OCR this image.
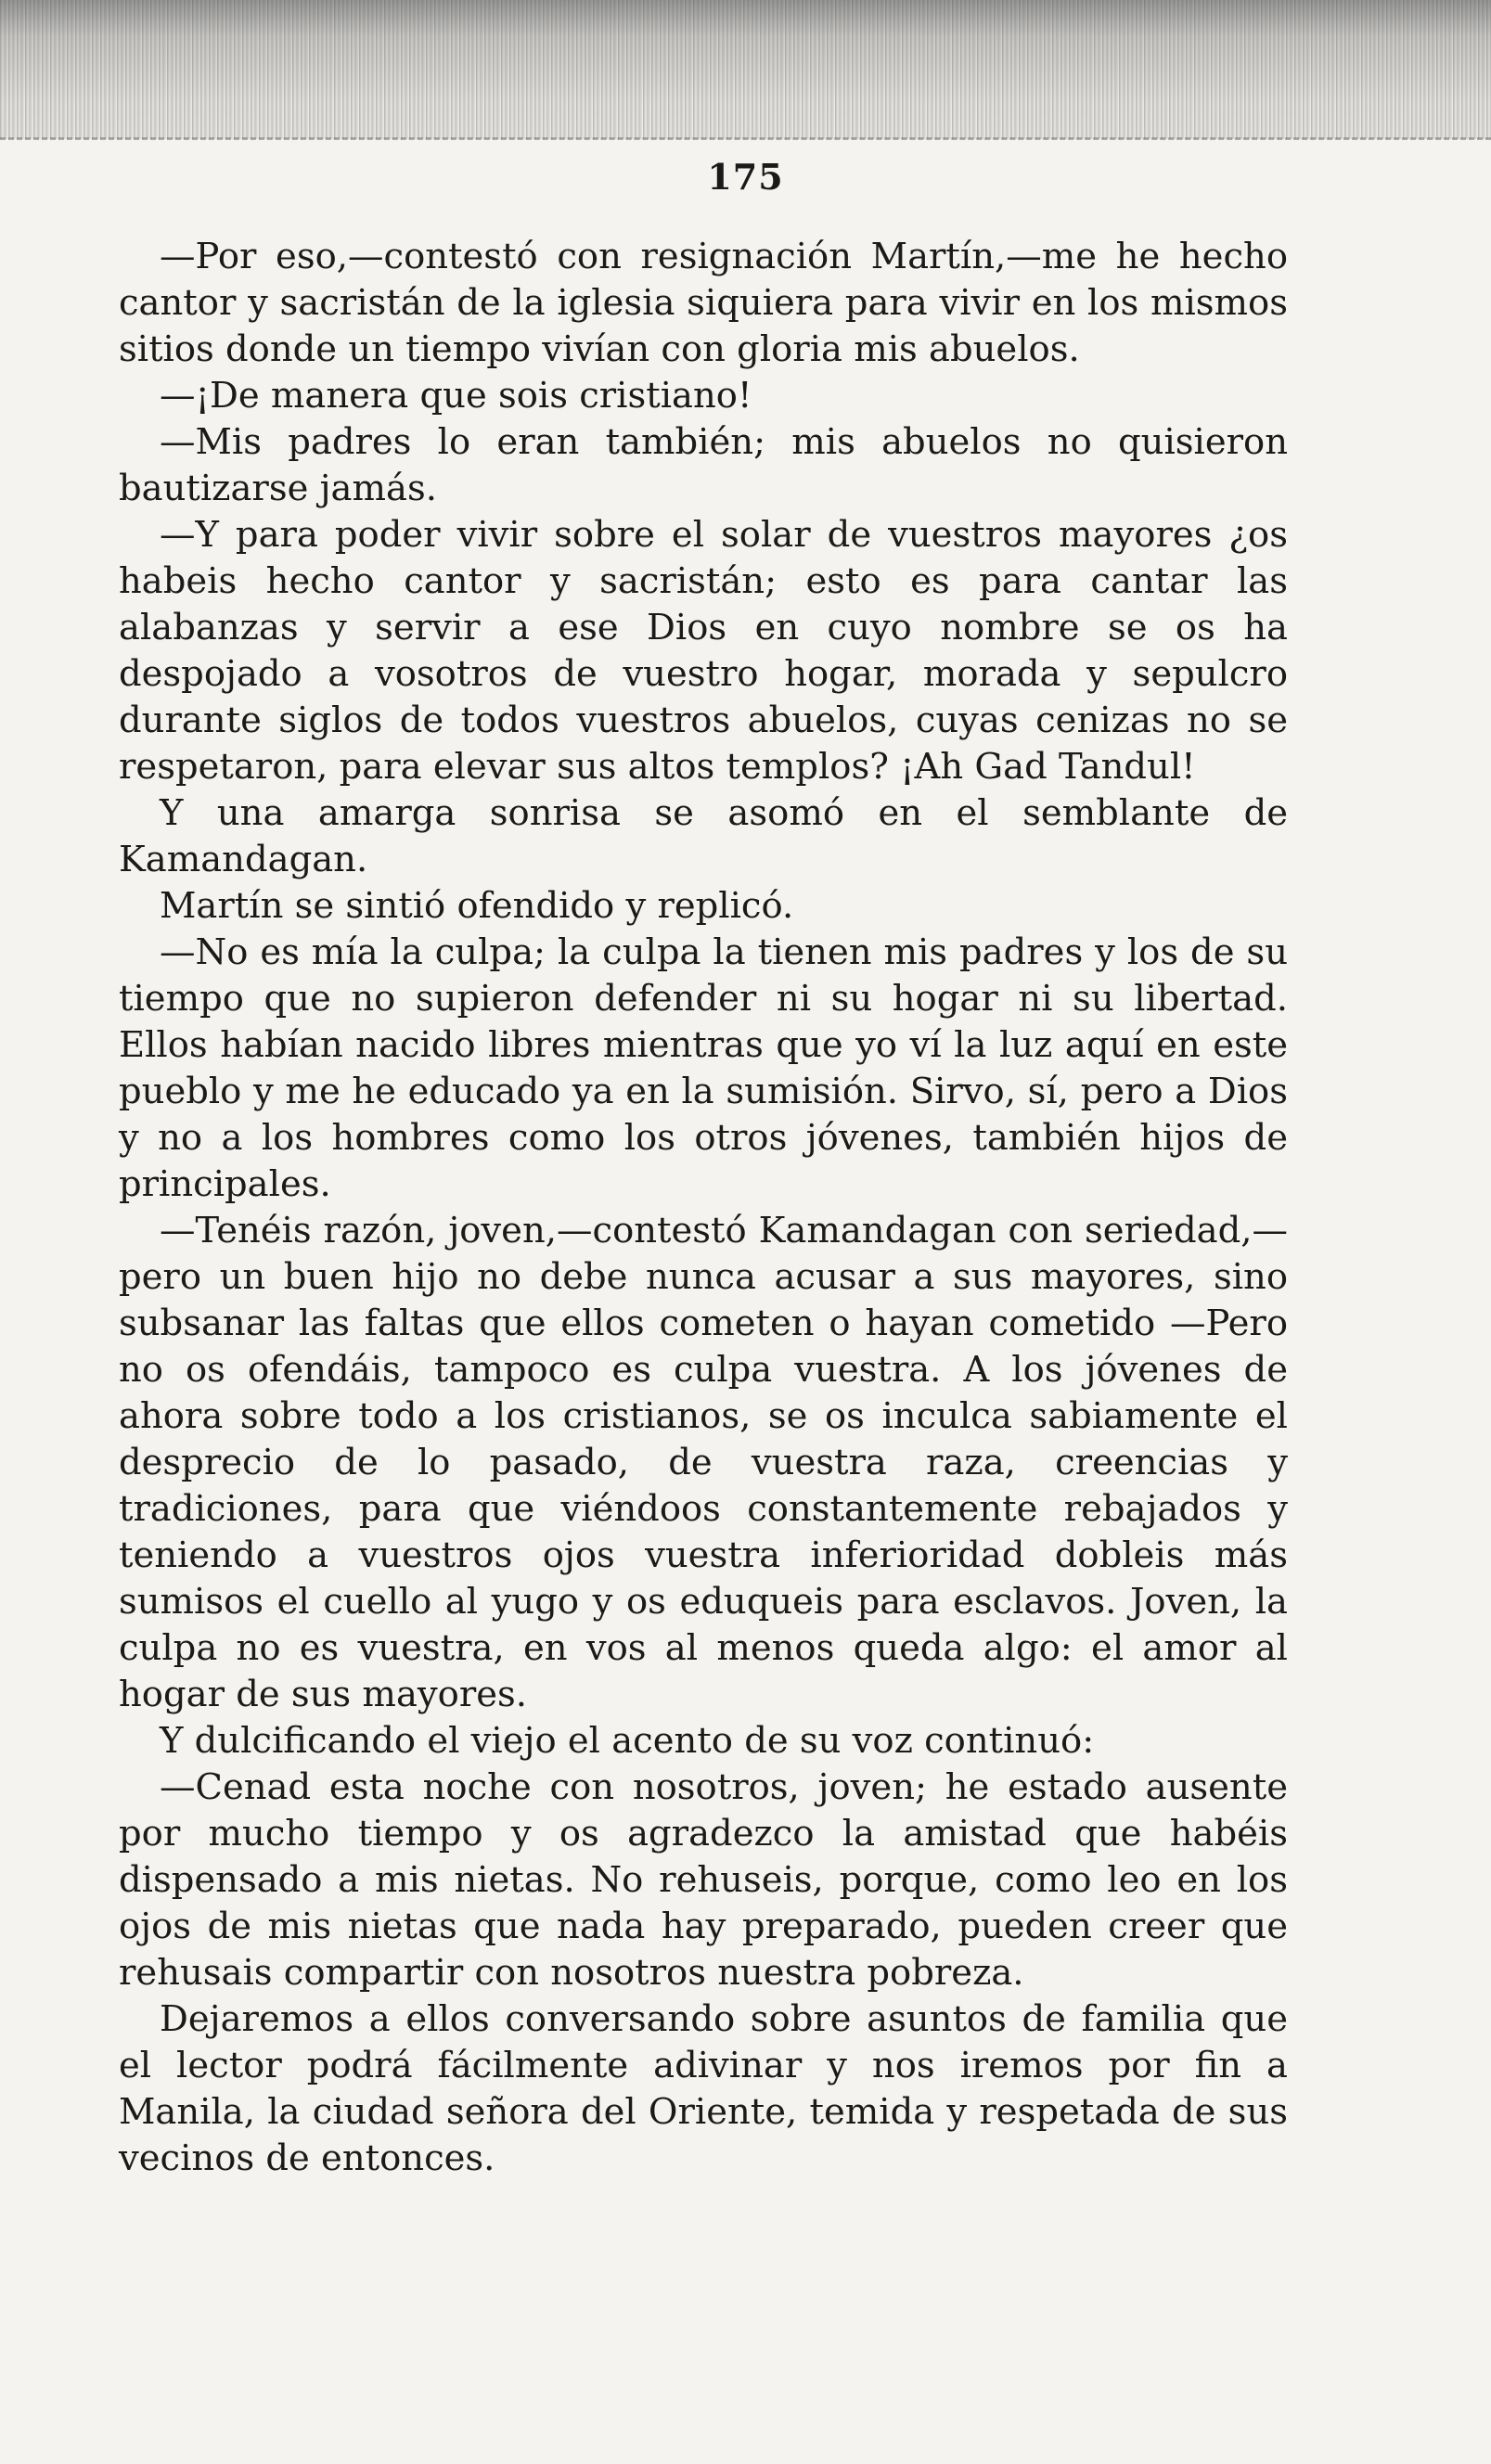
175

—Por eso,—contestó con resignación Martín,—me he hecho cantor y sacristán de la iglesia siquiera para vivir en los mismos sitios donde un tiempo vivían con gloria mis abuelos.

—¡De manera que sois cristiano!

—Mis padres lo eran también; mis abuelos no quisieron bautizarse jamás.

—Y para poder vivir sobre el solar de vuestros mayores ¿os habeis hecho cantor y sacristán; esto es para cantar las alabanzas y servir a ese Dios en cuyo nombre se os ha despojado a vosotros de vuestro hogar, morada y sepulcro durante siglos de todos vuestros abuelos, cuyas cenizas no se respetaron, para elevar sus altos templos? ¡Ah Gad Tandul!

Y una amarga sonrisa se asomó en el semblante de Kamandagan.

Martín se sintió ofendido y replicó.

—No es mía la culpa; la culpa la tienen mis padres y los de su tiempo que no supieron defender ni su hogar ni su libertad. Ellos habían nacido libres mientras que yo ví la luz aquí en este pueblo y me he educado ya en la sumisión. Sirvo, sí, pero a Dios y no a los hombres como los otros jóvenes, también hijos de principales.

—Tenéis razón, joven,—contestó Kamandagan con seriedad,—pero un buen hijo no debe nunca acusar a sus mayores, sino subsanar las faltas que ellos cometen o hayan cometido —Pero no os ofendáis, tampoco es culpa vuestra. A los jóvenes de ahora sobre todo a los cristianos, se os inculca sabiamente el desprecio de lo pasado, de vuestra raza, creencias y tradiciones, para que viéndoos constantemente rebajados y teniendo a vuestros ojos vuestra inferioridad dobleis más sumisos el cuello al yugo y os eduqueis para esclavos. Joven, la culpa no es vuestra, en vos al menos queda algo: el amor al hogar de sus mayores.

Y dulcificando el viejo el acento de su voz continuó:

—Cenad esta noche con nosotros, joven; he estado ausente por mucho tiempo y os agradezco la amistad que habéis dispensado a mis nietas. No rehuseis, porque, como leo en los ojos de mis nietas que nada hay preparado, pueden creer que rehusais compartir con nosotros nuestra pobreza.

Dejaremos a ellos conversando sobre asuntos de familia que el lector podrá fácilmente adivinar y nos iremos por fin a Manila, la ciudad señora del Oriente, temida y respetada de sus vecinos de entonces.
